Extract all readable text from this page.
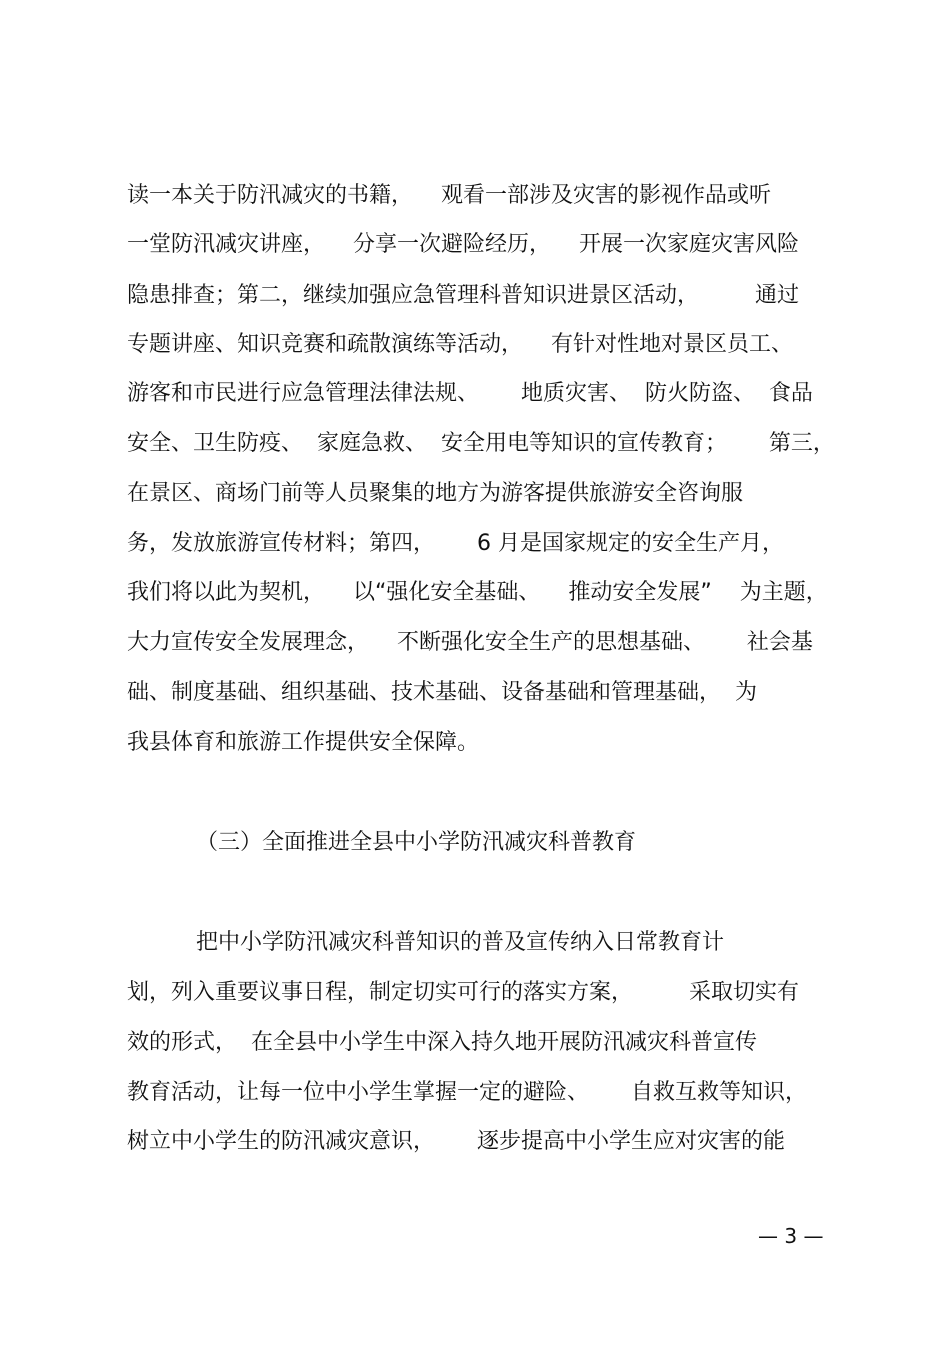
读一本关于防汛减灾的书籍，    观看一部涉及灾害的影视作品或听
一堂防汛减灾讲座，    分享一次避险经历，    开展一次家庭灾害风险
隐患排查；第二，继续加强应急管理科普知识进景区活动，        通过
专题讲座、知识竞赛和疏散演练等活动，    有针对性地对景区员工、
游客和市民进行应急管理法律法规、      地质灾害、  防火防盗、  食品
安全、卫生防疫、  家庭急救、  安全用电等知识的宣传教育；      第三，
在景区、商场门前等人员聚集的地方为游客提供旅游安全咨询服
务，发放旅游宣传材料；第四，      6 月是国家规定的安全生产月，
我们将以此为契机，    以“强化安全基础、    推动安全发展”    为主题，
大力宣传安全发展理念，    不断强化安全生产的思想基础、      社会基
础、制度基础、组织基础、技术基础、设备基础和管理基础，  为
我县体育和旅游工作提供安全保障。
（三）全面推进全县中小学防汛减灾科普教育
把中小学防汛减灾科普知识的普及宣传纳入日常教育计
划，列入重要议事日程，制定切实可行的落实方案，        采取切实有
效的形式，  在全县中小学生中深入持久地开展防汛减灾科普宣传
教育活动，让每一位中小学生掌握一定的避险、      自救互救等知识，
树立中小学生的防汛减灾意识，      逐步提高中小学生应对灾害的能
— 3 —
